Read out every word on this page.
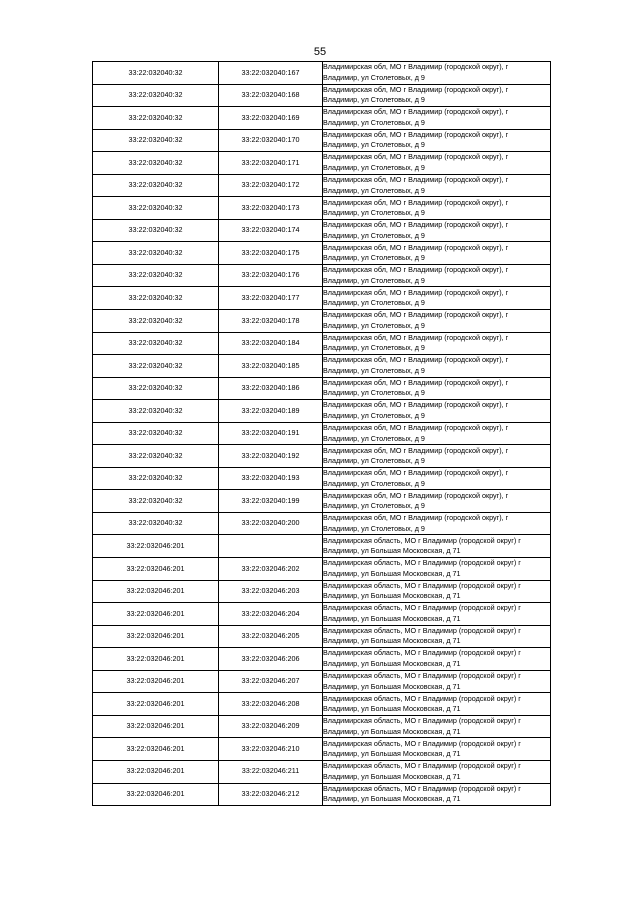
55
33:22:032040:32	33:22:032040:167	Владимирская обл, МО г Владимир (городской округ), г
Владимир, ул Столетовых, д 9

33:22:032040:32	33:22:032040:168	Владимирская обл, МО г Владимир (городской округ), г
Владимир, ул Столетовых, д 9

33:22:032040:32	33:22:032040:169	Владимирская обл, МО г Владимир (городской округ), г
Владимир, ул Столетовых, д 9

33:22:032040:32	33:22:032040:170	Владимирская обл, МО г Владимир (городской округ), г
Владимир, ул Столетовых, д 9

33:22:032040:32	33:22:032040:171	Владимирская обл, МО г Владимир (городской округ), г
Владимир, ул Столетовых, д 9

33:22:032040:32	33:22:032040:172	Владимирская обл, МО г Владимир (городской округ), г
Владимир, ул Столетовых, д 9

33:22:032040:32	33:22:032040:173	Владимирская обл, МО г Владимир (городской округ), г
Владимир, ул Столетовых, д 9

33:22:032040:32	33:22:032040:174	Владимирская обл, МО г Владимир (городской округ), г
Владимир, ул Столетовых, д 9

33:22:032040:32	33:22:032040:175	Владимирская обл, МО г Владимир (городской округ), г
Владимир, ул Столетовых, д 9

33:22:032040:32	33:22:032040:176	Владимирская обл, МО г Владимир (городской округ), г
Владимир, ул Столетовых, д 9

33:22:032040:32	33:22:032040:177	Владимирская обл, МО г Владимир (городской округ), г
Владимир, ул Столетовых, д 9

33:22:032040:32	33:22:032040:178	Владимирская обл, МО г Владимир (городской округ), г
Владимир, ул Столетовых, д 9

33:22:032040:32	33:22:032040:184	Владимирская обл, МО г Владимир (городской округ), г
Владимир, ул Столетовых, д 9

33:22:032040:32	33:22:032040:185	Владимирская обл, МО г Владимир (городской округ), г
Владимир, ул Столетовых, д 9

33:22:032040:32	33:22:032040:186	Владимирская обл, МО г Владимир (городской округ), г
Владимир, ул Столетовых, д 9

33:22:032040:32	33:22:032040:189	Владимирская обл, МО г Владимир (городской округ), г
Владимир, ул Столетовых, д 9

33:22:032040:32	33:22:032040:191	Владимирская обл, МО г Владимир (городской округ), г
Владимир, ул Столетовых, д 9

33:22:032040:32	33:22:032040:192	Владимирская обл, МО г Владимир (городской округ), г
Владимир, ул Столетовых, д 9

33:22:032040:32	33:22:032040:193	Владимирская обл, МО г Владимир (городской округ), г
Владимир, ул Столетовых, д 9

33:22:032040:32	33:22:032040:199	Владимирская обл, МО г Владимир (городской округ), г
Владимир, ул Столетовых, д 9

33:22:032040:32	33:22:032040:200	Владимирская обл, МО г Владимир (городской округ), г
Владимир, ул Столетовых, д 9

33:22:032046:201		Владимирская область, МО г Владимир (городской округ) г
Владимир, ул Большая Московская, д 71

33:22:032046:201	33:22:032046:202	Владимирская область, МО г Владимир (городской округ) г
Владимир, ул Большая Московская, д 71

33:22:032046:201	33:22:032046:203	Владимирская область, МО г Владимир (городской округ) г
Владимир, ул Большая Московская, д 71

33:22:032046:201	33:22:032046:204	Владимирская область, МО г Владимир (городской округ) г
Владимир, ул Большая Московская, д 71

33:22:032046:201	33:22:032046:205	Владимирская область, МО г Владимир (городской округ) г
Владимир, ул Большая Московская, д 71

33:22:032046:201	33:22:032046:206	Владимирская область, МО г Владимир (городской округ) г
Владимир, ул Большая Московская, д 71

33:22:032046:201	33:22:032046:207	Владимирская область, МО г Владимир (городской округ) г
Владимир, ул Большая Московская, д 71

33:22:032046:201	33:22:032046:208	Владимирская область, МО г Владимир (городской округ) г
Владимир, ул Большая Московская, д 71

33:22:032046:201	33:22:032046:209	Владимирская область, МО г Владимир (городской округ) г
Владимир, ул Большая Московская, д 71

33:22:032046:201	33:22:032046:210	Владимирская область, МО г Владимир (городской округ) г
Владимир, ул Большая Московская, д 71

33:22:032046:201	33:22:032046:211	Владимирская область, МО г Владимир (городской округ) г
Владимир, ул Большая Московская, д 71

33:22:032046:201	33:22:032046:212	Владимирская область, МО г Владимир (городской округ) г
Владимир, ул Большая Московская, д 71
